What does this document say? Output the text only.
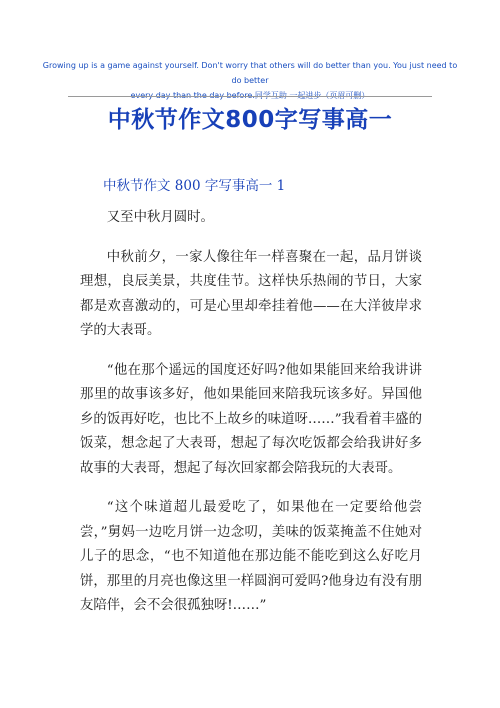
Growing up is a game against yourself. Don't worry that others will do better than you. You just need to do better
every day than the day before.同学互助 一起进步（页眉可删）
中秋节作文800字写事高一
中秋节作文 800 字写事高一 1

又至中秋月圆时。

中秋前夕，一家人像往年一样喜聚在一起，品月饼谈理想，良辰美景，共度佳节。这样快乐热闹的节日，大家都是欢喜激动的，可是心里却牵挂着他——在大洋彼岸求学的大表哥。

“他在那个遥远的国度还好吗?他如果能回来给我讲讲那里的故事该多好，他如果能回来陪我玩该多好。异国他乡的饭再好吃，也比不上故乡的味道呀……”我看着丰盛的饭菜，想念起了大表哥，想起了每次吃饭都会给我讲好多故事的大表哥，想起了每次回家都会陪我玩的大表哥。

“这个味道超儿最爱吃了，如果他在一定要给他尝尝，”舅妈一边吃月饼一边念叨，美味的饭菜掩盖不住她对儿子的思念，“也不知道他在那边能不能吃到这么好吃月饼，那里的月亮也像这里一样圆润可爱吗?他身边有没有朋友陪伴，会不会很孤独呀!……”
